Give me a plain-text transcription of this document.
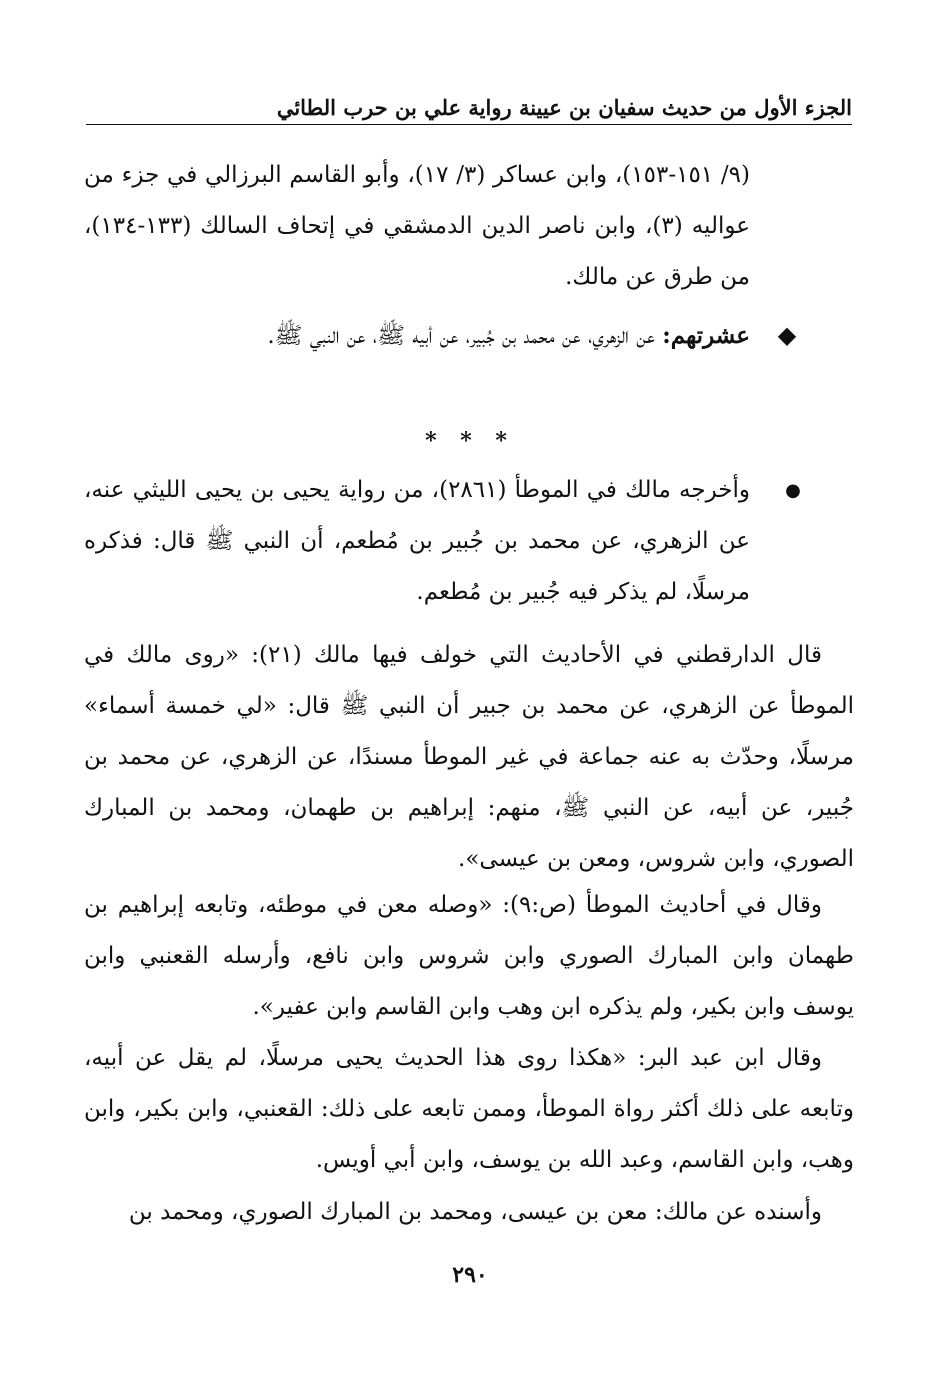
الجزء الأول من حديث سفيان بن عيينة رواية علي بن حرب الطائي
(٩/ ١٥١-١٥٣)، وابن عساكر (٣/ ١٧)، وأبو القاسم البرزالي في جزء من عواليه (٣)، وابن ناصر الدين الدمشقي في إتحاف السالك (١٣٣-١٣٤)، من طرق عن مالك.
◆
عشرتهم: عن الزهري، عن محمد بن جُبير، عن أبيه ﷺ، عن النبي ﷺ.
* * *
●
وأخرجه مالك في الموطأ (٢٨٦١)، من رواية يحيى بن يحيى الليثي عنه، عن الزهري، عن محمد بن جُبير بن مُطعم، أن النبي ﷺ قال: فذكره مرسلًا، لم يذكر فيه جُبير بن مُطعم.
قال الدارقطني في الأحاديث التي خولف فيها مالك (٢١): «روى مالك في الموطأ عن الزهري، عن محمد بن جبير أن النبي ﷺ قال: «لي خمسة أسماء» مرسلًا، وحدّث به عنه جماعة في غير الموطأ مسندًا، عن الزهري، عن محمد بن جُبير، عن أبيه، عن النبي ﷺ، منهم: إبراهيم بن طهمان، ومحمد بن المبارك الصوري، وابن شروس، ومعن بن عيسى».
وقال في أحاديث الموطأ (ص:٩): «وصله معن في موطئه، وتابعه إبراهيم بن طهمان وابن المبارك الصوري وابن شروس وابن نافع، وأرسله القعنبي وابن يوسف وابن بكير، ولم يذكره ابن وهب وابن القاسم وابن عفير».
وقال ابن عبد البر: «هكذا روى هذا الحديث يحيى مرسلًا، لم يقل عن أبيه، وتابعه على ذلك أكثر رواة الموطأ، وممن تابعه على ذلك: القعنبي، وابن بكير، وابن وهب، وابن القاسم، وعبد الله بن يوسف، وابن أبي أويس.
وأسنده عن مالك: معن بن عيسى، ومحمد بن المبارك الصوري، ومحمد بن
٢٩٠
